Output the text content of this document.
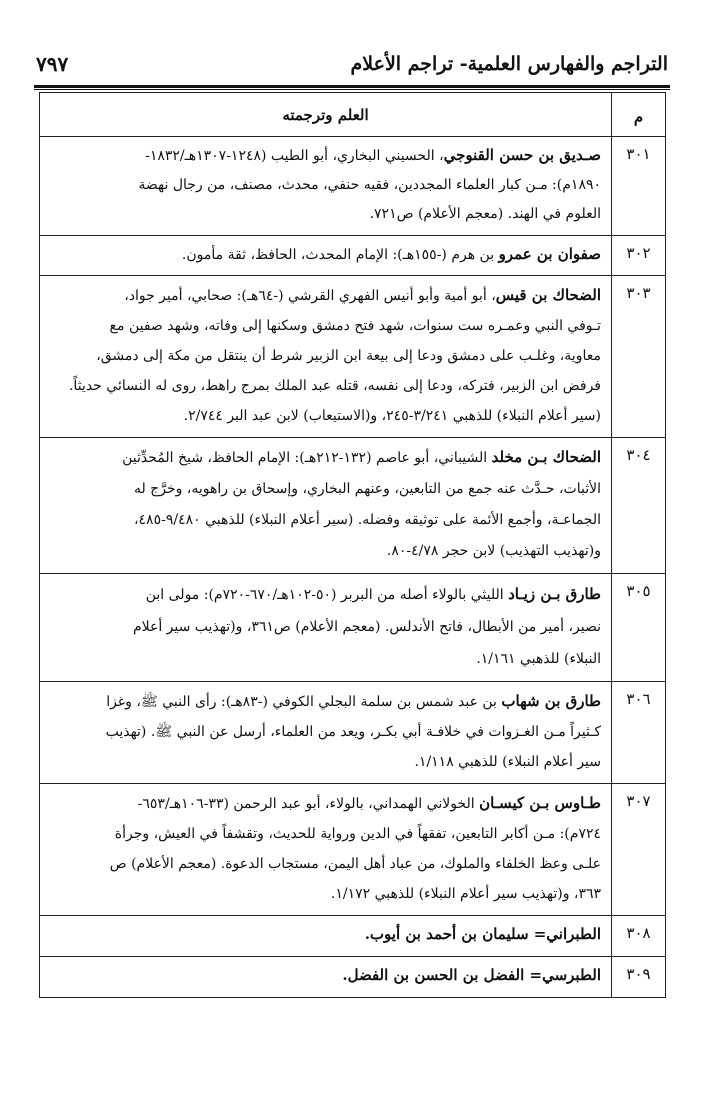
٧٩٧	التراجم والفهارس العلمية- تراجم الأعلام
م	العلم وترجمته
٣٠١	صـديق بن حسن القنوجي، الحسيني البخاري، أبو الطيب (١٢٤٨-١٣٠٧هـ/١٨٣٢-
١٨٩٠م): مـن كبار العلماء المجددين، فقيه حنفي، محدث، مصنف، من رجال نهضة
العلوم في الهند. (معجم الأعلام) ص٧٢١.

٣٠٢	صفوان بن عمرو بن هرم (-١٥٥هـ): الإمام المحدث، الحافظ، ثقة مأمون.

٣٠٣	الضحاك بن قيس، أبو أمية وأبو أنيس الفهري القرشي (-٦٤هـ): صحابي، أمير جواد،
تـوفي النبي وعمـره ست سنوات، شهد فتح دمشق وسكنها إلى وفاته، وشهد صفين مع
معاوية، وغلـب على دمشق ودعا إلى بيعة ابن الزبير شرط أن ينتقل من مكة إلى دمشق،
فرفض ابن الزبير، فتركه، ودعا إلى نفسه، قتله عبد الملك بمرج راهط، روى له النسائي حديثاً.
(سير أعلام النبلاء) للذهبي ٣/٢٤١-٢٤٥، و(الاستيعاب) لابن عبد البر ٢/٧٤٤.

٣٠٤	الضحاك بـن مخلد الشيباني، أبو عاصم (١٣٢-٢١٢هـ): الإمام الحافظ، شيخ المُحدِّثين
الأثبات، حـدَّث عنه جمع من التابعين، وعنهم البخاري، وإسحاق بن راهويه، وخرَّج له
الجماعـة، وأجمع الأئمة على توثيقه وفضله. (سير أعلام النبلاء) للذهبي ٩/٤٨٠-٤٨٥،
و(تهذيب التهذيب) لابن حجر ٤/٧٨-٨٠.

٣٠٥	طارق بـن زيـاد الليثي بالولاء أصله من البربر (٥٠-١٠٢هـ/٦٧٠-٧٢٠م): مولى ابن
نصير، أمير من الأبطال، فاتح الأندلس. (معجم الأعلام) ص٣٦١، و(تهذيب سير أعلام
النبلاء) للذهبي ١/١٦١.

٣٠٦	طارق بن شهاب بن عبد شمس بن سلمة البجلي الكوفي (-٨٣هـ): رأى النبي ﷺ، وغزا
كـثيراً مـن الغـزوات في خلافـة أبي بكـر، ويعد من العلماء، أرسل عن النبي ﷺ. (تهذيب
سير أعلام النبلاء) للذهبي ١/١١٨.

٣٠٧	طـاوس بـن كيسـان الخولاني الهمداني، بالولاء، أبو عبد الرحمن (٣٣-١٠٦هـ/٦٥٣-
٧٢٤م): مـن أكابر التابعين، تفقهاً في الدين ورواية للحديث، وتقشفاً في العيش، وجرأة
علـى وعظ الخلفاء والملوك، من عباد أهل اليمن، مستجاب الدعوة. (معجم الأعلام) ص
٣٦٣، و(تهذيب سير أعلام النبلاء) للذهبي ١/١٧٢.

٣٠٨	الطبراني= سليمان بن أحمد بن أيوب.

٣٠٩	الطبرسي= الفضل بن الحسن بن الفضل.
